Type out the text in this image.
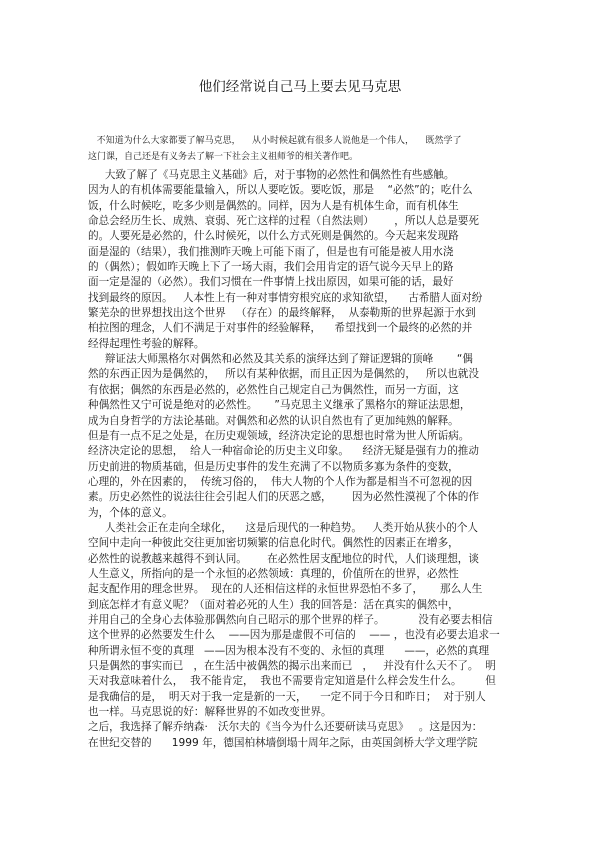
他们经常说自己马上要去见马克思
不知道为什么大家都要了解马克思，    从小时候起就有很多人说他是一个伟人，    既然学了
这门课，自己还是有义务去了解一下社会主义祖师爷的相关著作吧。
大致了解了《马克思主义基础》后，对于事物的必然性和偶然性有些感触。
因为人的有机体需要能量输入，所以人要吃饭。要吃饭，那是    “必然”的；吃什么
饭，什么时候吃，吃多少则是偶然的。同样，因为人是有机体生命，而有机体生
命总会经历生长、成熟、衰弱、死亡这样的过程（自然法则）      ，所以人总是要死
的。人要死是必然的，什么时候死，以什么方式死则是偶然的。今天起来发现路
面是湿的（结果），我们推测昨天晚上可能下雨了，但是也有可能是被人用水浇
的（偶然）；假如昨天晚上下了一场大雨，我们会用肯定的语气说今天早上的路
面一定是湿的（必然）。我们习惯在一件事情上找出原因，如果可能的话，最好
找到最终的原因。   人本性上有一种对事情穷根究底的求知欲望，    古希腊人面对纷
繁芜杂的世界想找出这个世界   （存在）的最终解释，  从泰勒斯的世界起源于水到
柏拉图的理念，人们不满足于对事件的经验解释，    希望找到一个最终的必然的并
经得起理性考验的解释。
辩证法大师黑格尔对偶然和必然及其关系的演绎达到了辩证逻辑的顶峰       “偶
然的东西正因为是偶然的，   所以有某种依据，而且正因为是偶然的，   所以也就没
有依据；偶然的东西是必然的，必然性自己规定自己为偶然性，而另一方面，这
种偶然性又宁可说是绝对的必然性。     ”马克思主义继承了黑格尔的辩证法思想，
成为自身哲学的方法论基础。对偶然和必然的认识自然也有了更加纯熟的解释。
但是有一点不足之处是，在历史观领域，经济决定论的思想也时常为世人所诟病。
经济决定论的思想，  给人一种宿命论的历史主义印象。    经济无疑是强有力的推动
历史前进的物质基础，但是历史事件的发生充满了不以物质多寡为条件的变数，
心理的，外在因素的，  传统习俗的，  伟大人物的个人作为都是相当不可忽视的因
素。历史必然性的说法往往会引起人们的厌恶之感，      因为必然性漠视了个体的作
为，个体的意义。
人类社会正在走向全球化，    这是后现代的一种趋势。   人类开始从狭小的个人
空间中走向一种彼此交往更加密切频繁的信息化时代。偶然性的因素正在增多，
必然性的说教越来越得不到认同。      在必然性居支配地位的时代，人们谈理想，谈
人生意义，所指向的是一个永恒的必然领域：真理的，价值所在的世界，必然性
起支配作用的理念世界。  现在的人还相信这样的永恒世界恐怕不多了，     那么人生
到底怎样才有意义呢？（面对着必死的人生）我的回答是：活在真实的偶然中，
并用自己的全身心去体验那偶然向自己昭示的那个世界的样子。          没有必要去相信
这个世界的必然要发生什么    ——因为那是虚假不可信的    —— ，也没有必要去追求一
种所谓永恒不变的真理   ——因为根本没有不变的、永恒的真理      ——，必然的真理
只是偶然的事实而已   ，在生活中被偶然的揭示出来而已   ，   并没有什么天不了。  明
天对我意味着什么，  我不能肯定，  我也不需要肯定知道是什么样会发生什么。       但
是我确信的是，  明天对于我一定是新的一天，    一定不同于今日和昨日；  对于别人
也一样。马克思说的好：解释世界的不如改变世界。
之后，我选择了解乔纳森·   沃尔夫的《当今为什么还要研读马克思》   。这是因为：
在世纪交替的      1999 年，德国柏林墙倒塌十周年之际，由英国剑桥大学文理学院
